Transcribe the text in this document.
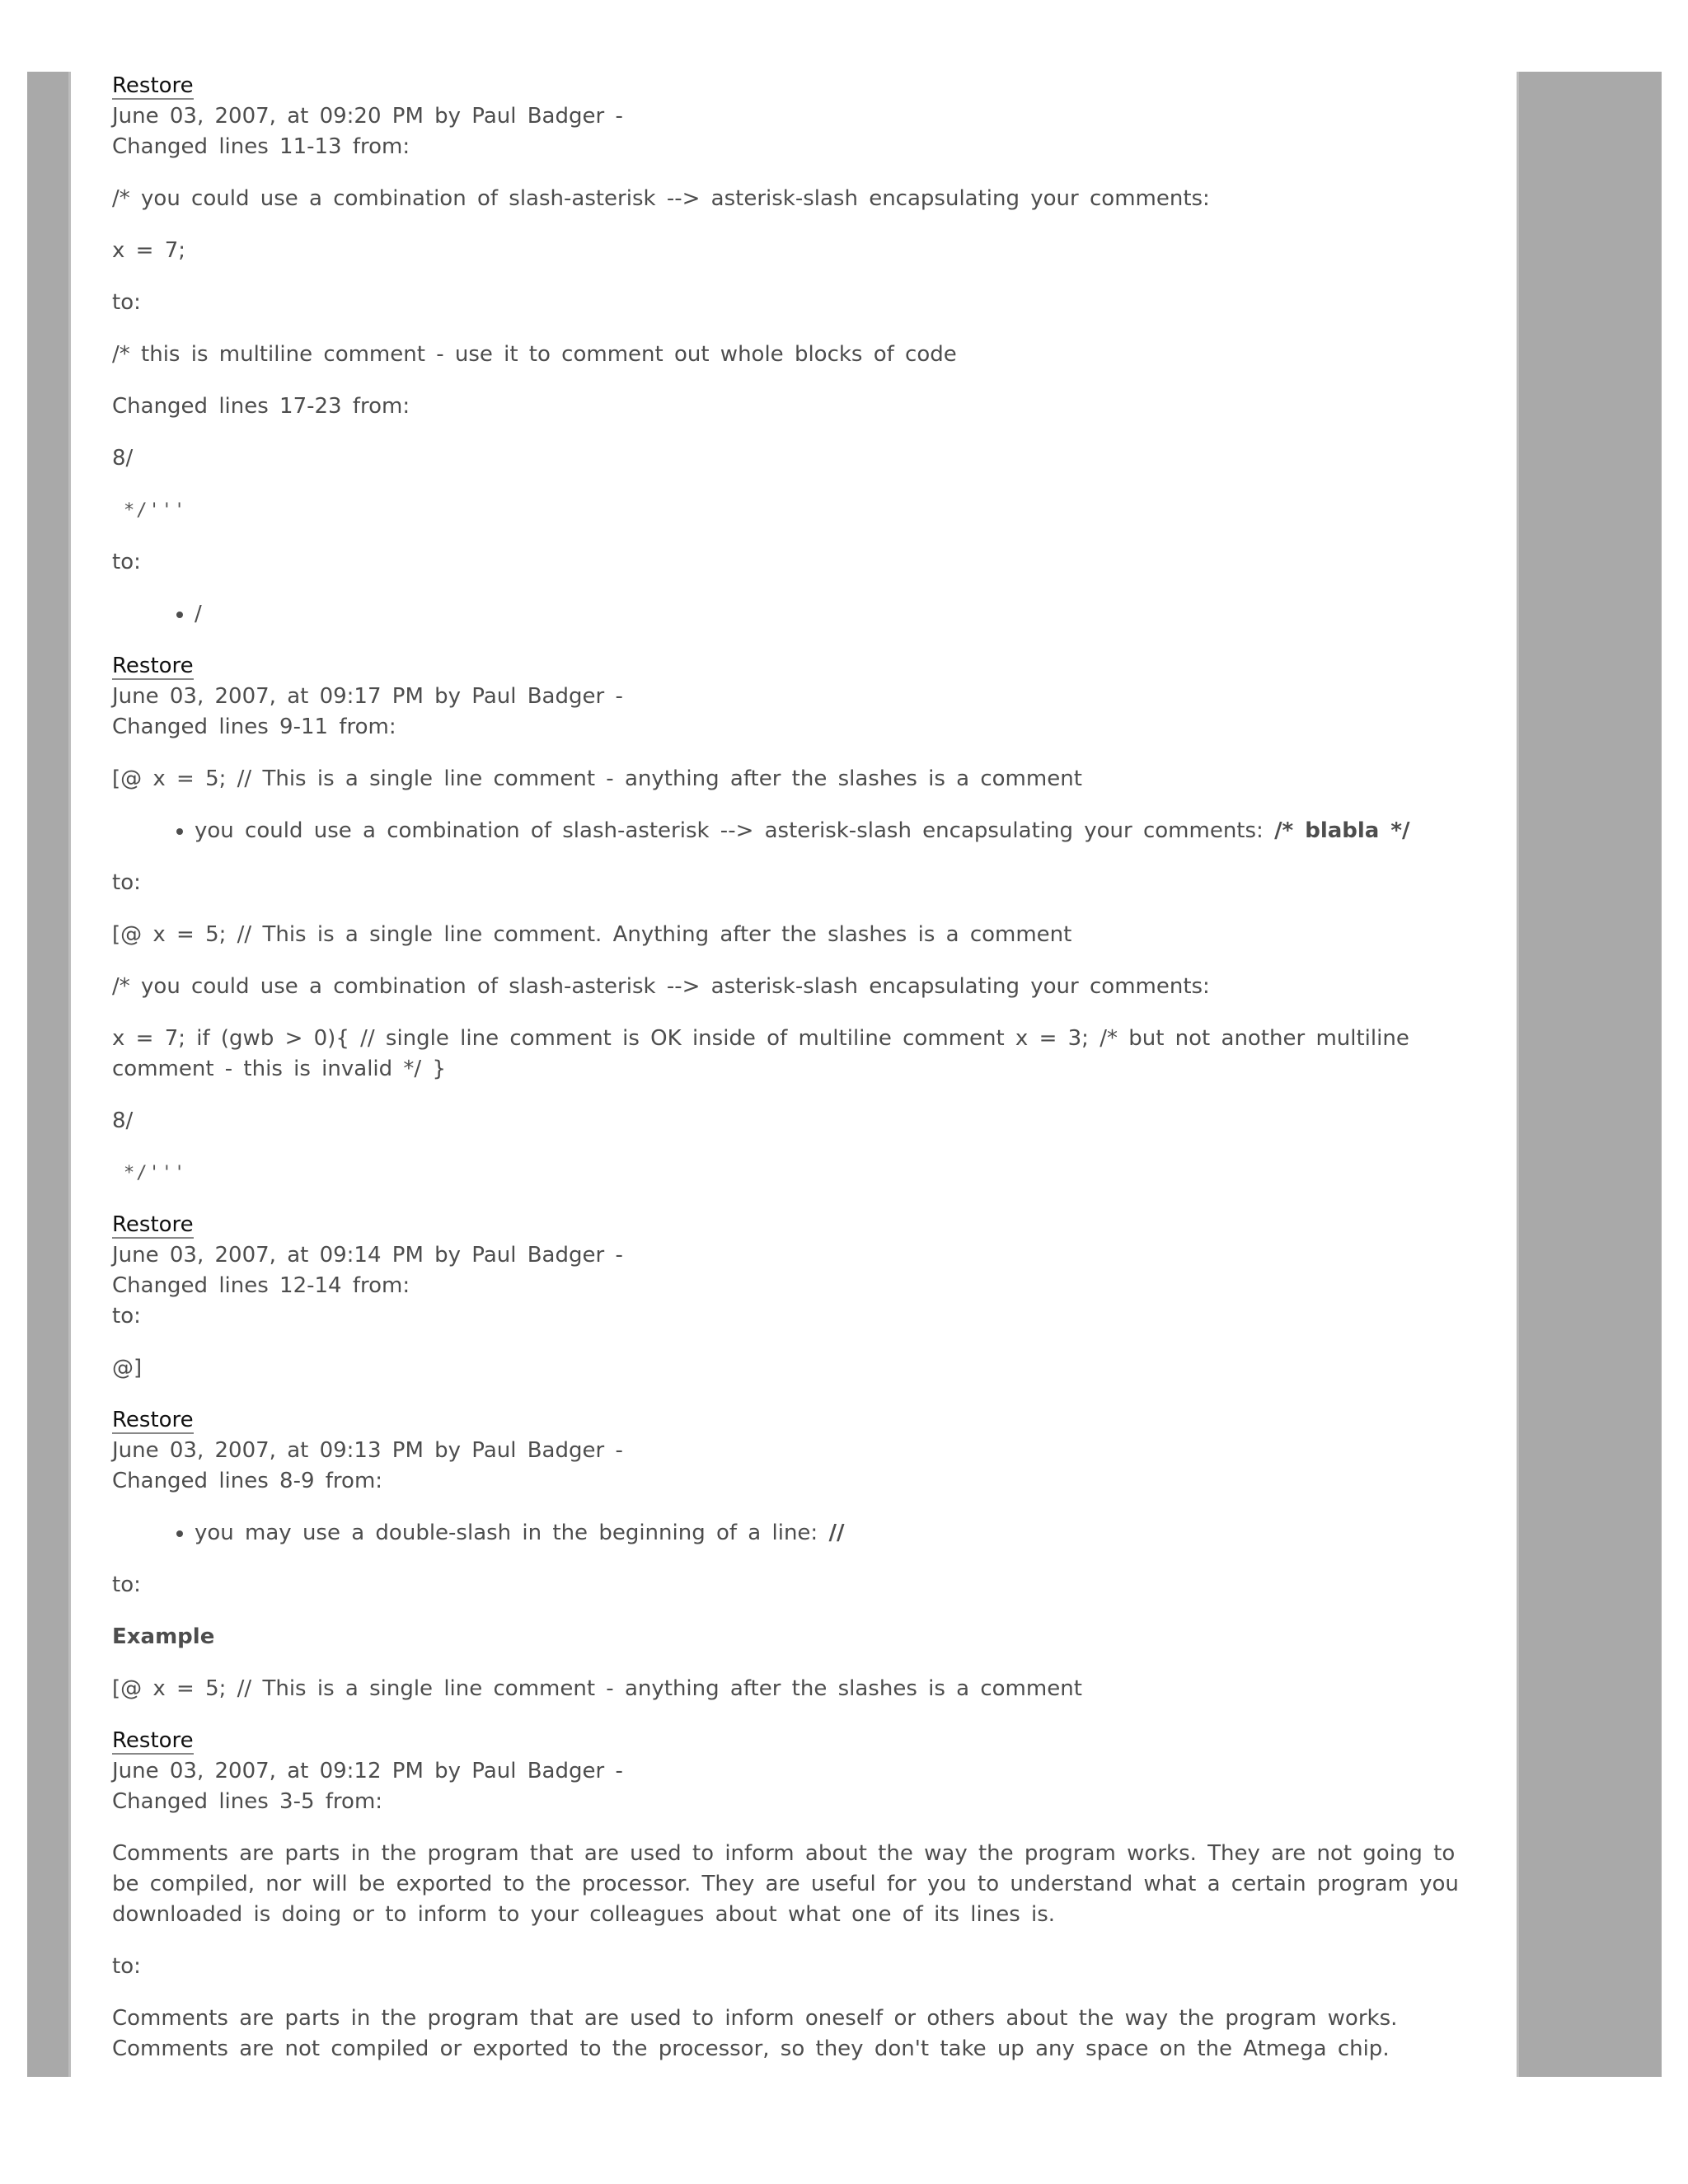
Restore
June 03, 2007, at 09:20 PM by Paul Badger -
Changed lines 11-13 from:

/* you could use a combination of slash-asterisk --> asterisk-slash encapsulating your comments:

x = 7;

to:

/* this is multiline comment - use it to comment out whole blocks of code

Changed lines 17-23 from:

8/

*/'''

to:

• /
Restore
June 03, 2007, at 09:17 PM by Paul Badger -
Changed lines 9-11 from:

[@ x = 5; // This is a single line comment - anything after the slashes is a comment

• you could use a combination of slash-asterisk --> asterisk-slash encapsulating your comments: /* blabla */

to:

[@ x = 5; // This is a single line comment. Anything after the slashes is a comment

/* you could use a combination of slash-asterisk --> asterisk-slash encapsulating your comments:

x = 7; if (gwb > 0){ // single line comment is OK inside of multiline comment x = 3; /* but not another multiline comment - this is invalid */ }

8/

*/'''
Restore
June 03, 2007, at 09:14 PM by Paul Badger -
Changed lines 12-14 from:
to:

@]

Restore
June 03, 2007, at 09:13 PM by Paul Badger -
Changed lines 8-9 from:
• you may use a double-slash in the beginning of a line: //

to:

Example

[@ x = 5; // This is a single line comment - anything after the slashes is a comment

Restore
June 03, 2007, at 09:12 PM by Paul Badger -
Changed lines 3-5 from:

Comments are parts in the program that are used to inform about the way the program works. They are not going to be compiled, nor will be exported to the processor. They are useful for you to understand what a certain program you downloaded is doing or to inform to your colleagues about what one of its lines is.

to:

Comments are parts in the program that are used to inform oneself or others about the way the program works. Comments are not compiled or exported to the processor, so they don't take up any space on the Atmega chip.
